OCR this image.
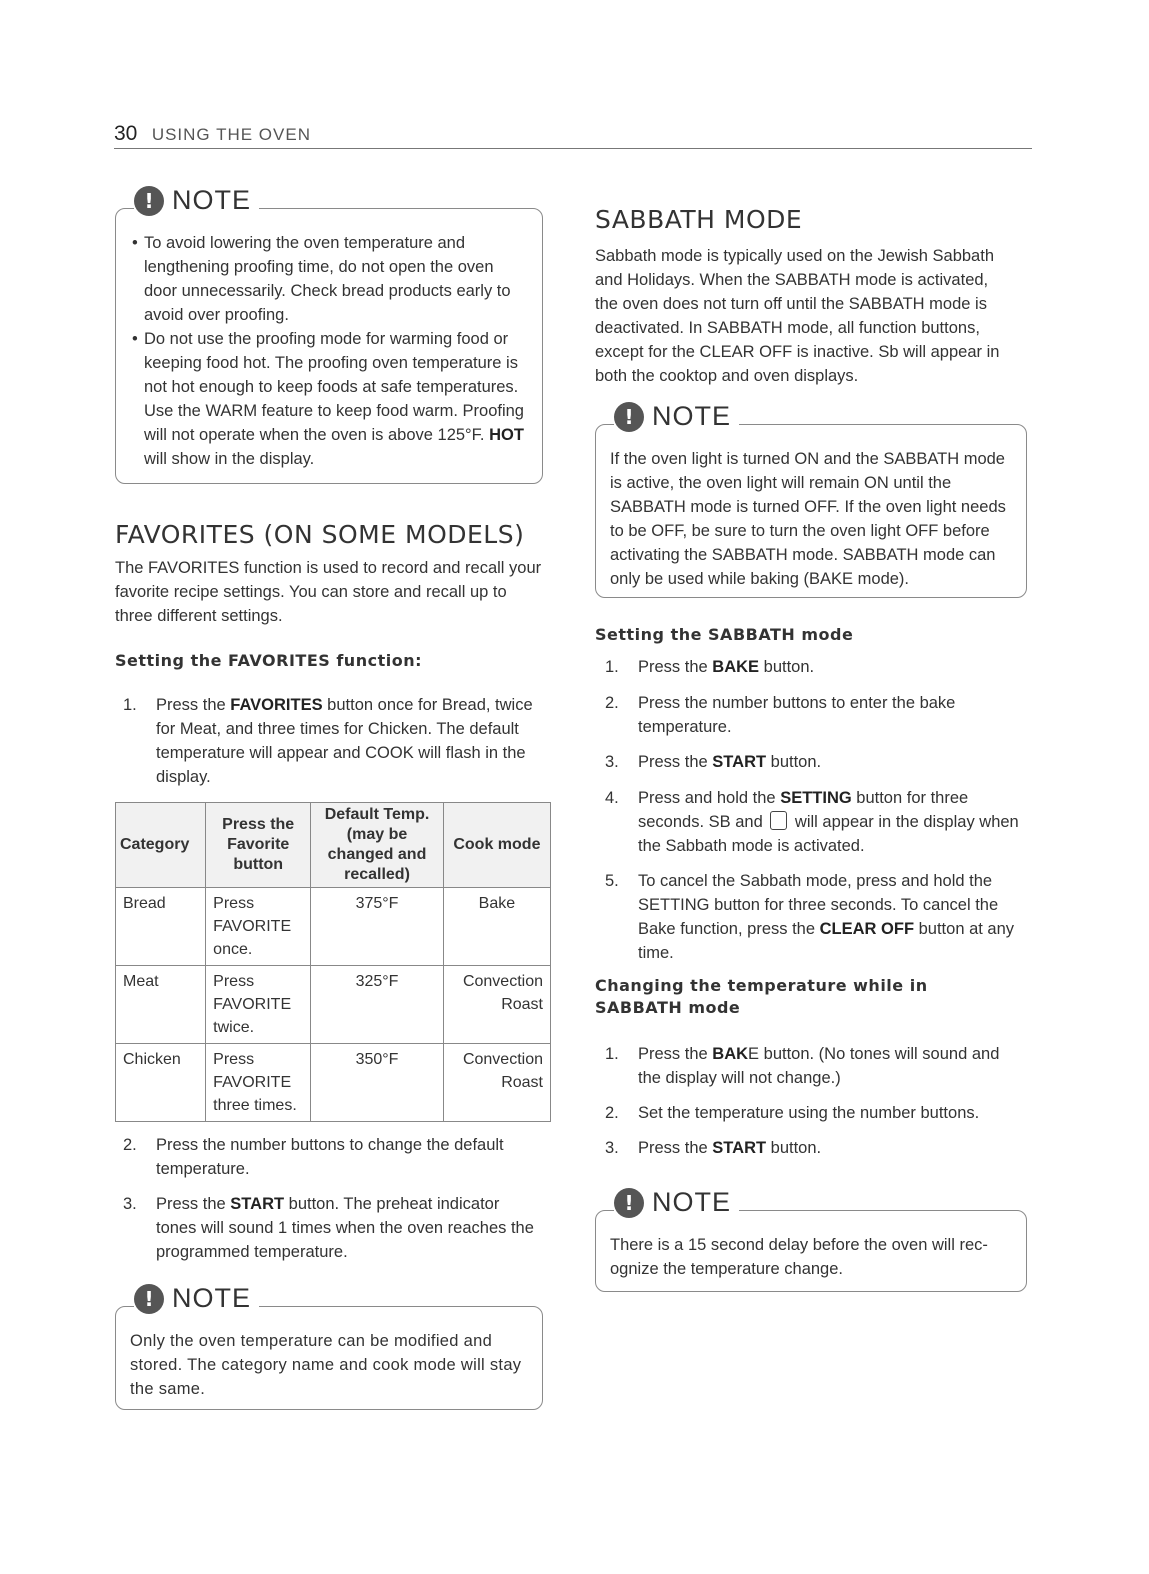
30 USING THE OVEN
! NOTE
• To avoid lowering the oven temperature and lengthening proofing time, do not open the oven door unnecessarily. Check bread products early to avoid over proofing.
• Do not use the proofing mode for warming food or keeping food hot. The proofing oven temperature is not hot enough to keep foods at safe temperatures. Use the WARM feature to keep food warm. Proofing will not operate when the oven is above 125°F. HOT will show in the display.
FAVORITES (ON SOME MODELS)

The FAVORITES function is used to record and recall your favorite recipe settings. You can store and recall up to three different settings.

Setting the FAVORITES function:
1. Press the FAVORITES button once for Bread, twice for Meat, and three times for Chicken. The default temperature will appear and COOK will flash in the display.
Category	Press the Favorite button	Default Temp. (may be changed and recalled)	Cook mode
Bread	Press
FAVORITE
once.	375°F	Bake

Meat	Press
FAVORITE
twice.	325°F	Convection
Roast
Chicken	Press
FAVORITE
three times.	350°F	Convection
Roast
2. Press the number buttons to change the default temperature.
3. Press the START button. The preheat indicator tones will sound 1 times when the oven reaches the programmed temperature.
! NOTE
Only the oven temperature can be modified and stored. The category name and cook mode will stay the same.
SABBATH MODE

Sabbath mode is typically used on the Jewish Sabbath and Holidays. When the SABBATH mode is activated, the oven does not turn off until the SABBATH mode is deactivated. In SABBATH mode, all function buttons, except for the CLEAR OFF is inactive. Sb will appear in both the cooktop and oven displays.

! NOTE
If the oven light is turned ON and the SABBATH mode is active, the oven light will remain ON until the SABBATH mode is turned OFF. If the oven light needs to be OFF, be sure to turn the oven light OFF before activating the SABBATH mode. SABBATH mode can only be used while baking (BAKE mode).
Setting the SABBATH mode
1. Press the BAKE button.
2. Press the number buttons to enter the bake temperature.
3. Press the START button.
4. Press and hold the SETTING button for three seconds. SB and  will appear in the display when the Sabbath mode is activated.
5. To cancel the Sabbath mode, press and hold the SETTING button for three seconds. To cancel the Bake function, press the CLEAR OFF button at any time.
Changing the temperature while in SABBATH mode
1. Press the BAKE button. (No tones will sound and the display will not change.)
2. Set the temperature using the number buttons.
3. Press the START button.
! NOTE
There is a 15 second delay before the oven will rec-ognize the temperature change.
